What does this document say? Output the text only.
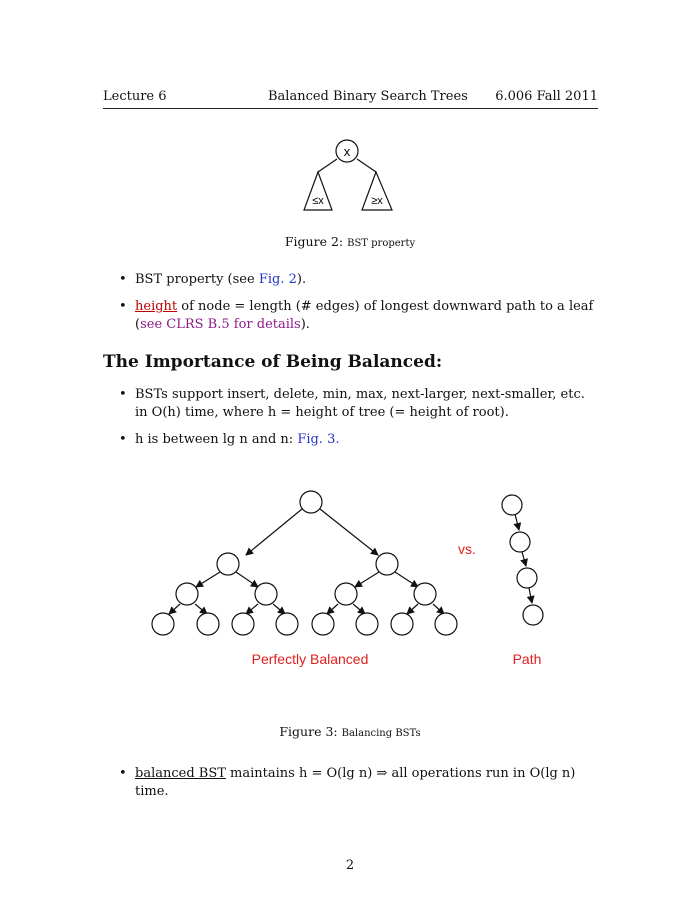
Lecture 6	Balanced Binary Search Trees 6.006 Fall 2011
x
≤x	≥x
vs.
Perfectly Balanced	Path
Figure 2: BST property
• BST property (see Fig. 2).
• height of node = length (# edges) of longest downward path to a leaf (see CLRS B.5 for details).
The Importance of Being Balanced:
• BSTs support insert, delete, min, max, next-larger, next-smaller, etc. in O(h) time, where h = height of tree (= height of root).
• h is between lg n and n: Fig. 3.
Figure 3: Balancing BSTs
• balanced BST maintains h = O(lg n) ⇒ all operations run in O(lg n) time.
2
